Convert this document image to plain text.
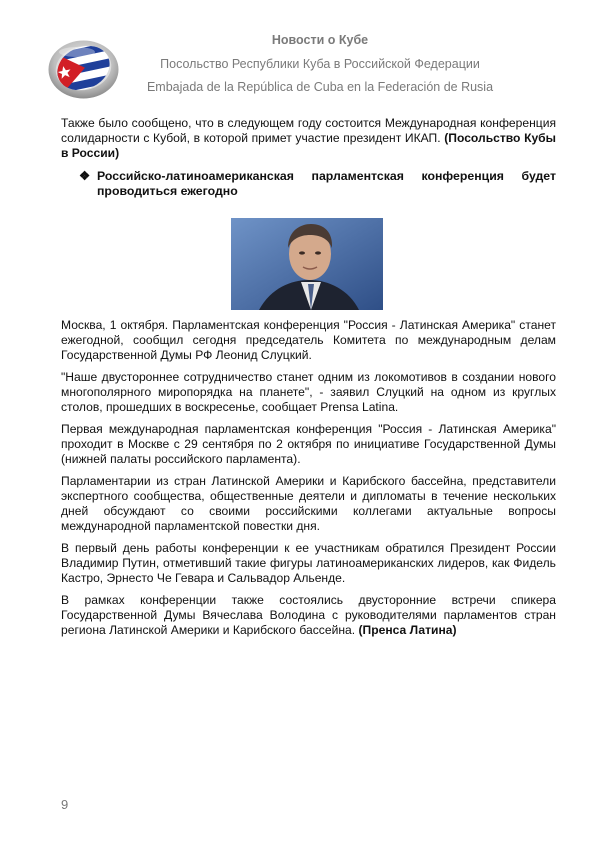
Новости о Кубе
Посольство Республики Куба в Российской Федерации
Embajada de la República de Cuba en la Federación de Rusia
Также было сообщено, что в следующем году состоится Международная конференция солидарности с Кубой, в которой примет участие президент ИКАП. (Посольство Кубы в России)
❖ Российско-латиноамериканская парламентская конференция будет проводиться ежегодно

Москва, 1 октября. Парламентская конференция "Россия - Латинская Америка" станет ежегодной, сообщил сегодня председатель Комитета по международным делам Государственной Думы РФ Леонид Слуцкий.

"Наше двустороннее сотрудничество станет одним из локомотивов в создании нового многополярного миропорядка на планете", - заявил Слуцкий на одном из круглых столов, прошедших в воскресенье, сообщает Prensa Latina.

Первая международная парламентская конференция "Россия - Латинская Америка" проходит в Москве с 29 сентября по 2 октября по инициативе Государственной Думы (нижней палаты российского парламента).

Парламентарии из стран Латинской Америки и Карибского бассейна, представители экспертного сообщества, общественные деятели и дипломаты в течение нескольких дней обсуждают со своими российскими коллегами актуальные вопросы международной парламентской повестки дня.

В первый день работы конференции к ее участникам обратился Президент России Владимир Путин, отметивший такие фигуры латиноамериканских лидеров, как Фидель Кастро, Эрнесто Че Гевара и Сальвадор Альенде.

В рамках конференции также состоялись двусторонние встречи спикера Государственной Думы Вячеслава Володина с руководителями парламентов стран региона Латинской Америки и Карибского бассейна. (Пренса Латина)

9
